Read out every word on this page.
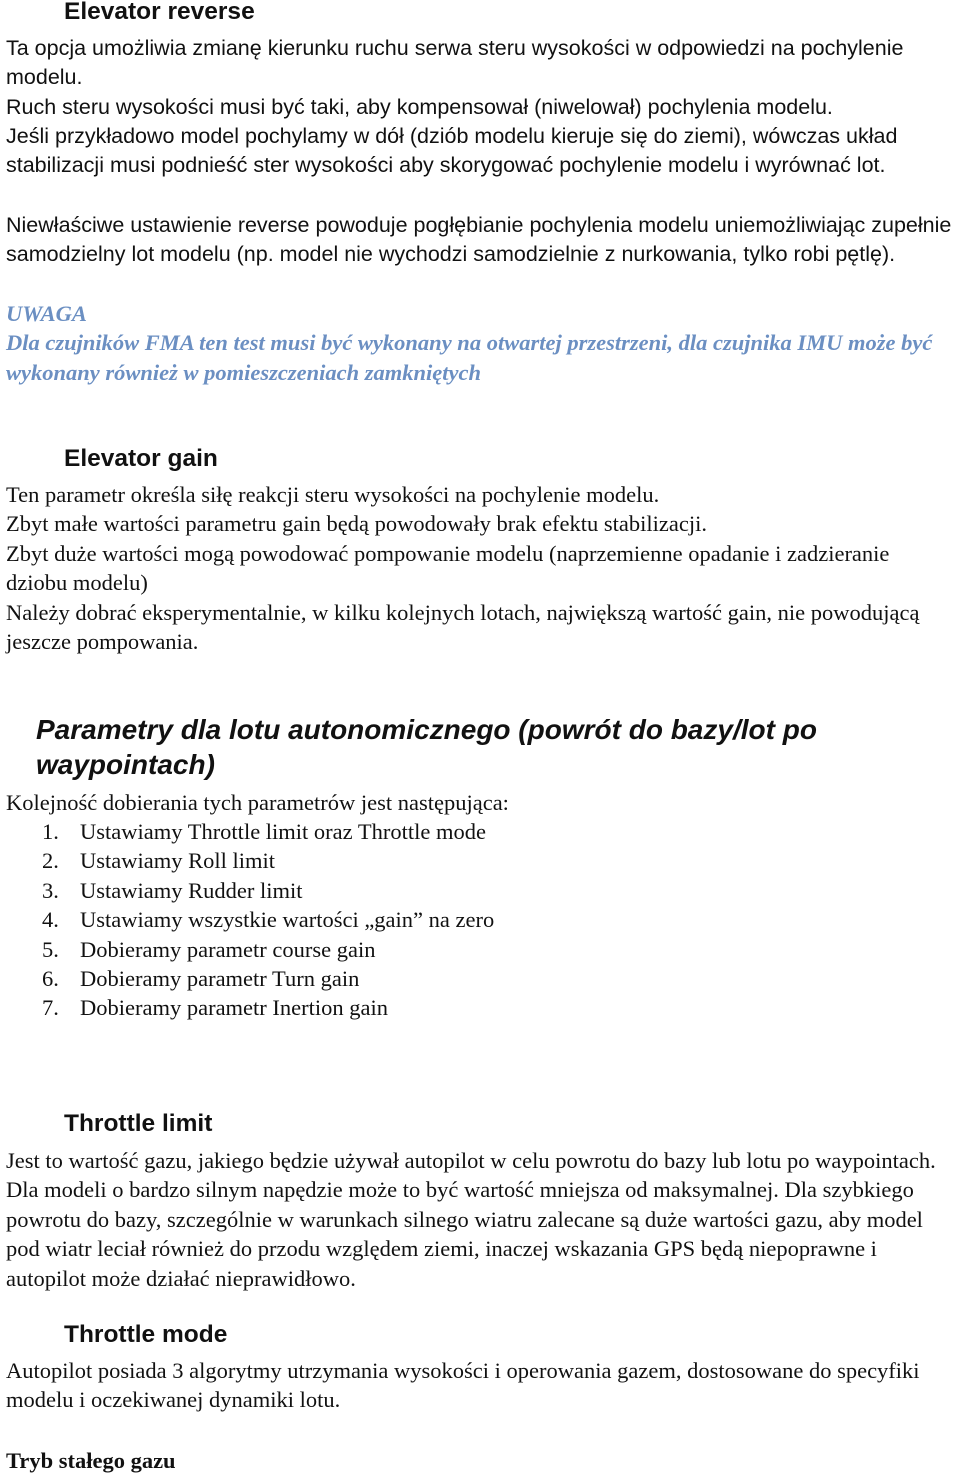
Elevator reverse

Ta opcja umożliwia zmianę kierunku ruchu serwa steru wysokości w odpowiedzi na pochylenie modelu.

Ruch steru wysokości musi być taki, aby kompensował (niwelował) pochylenia modelu.

Jeśli przykładowo model pochylamy w dół (dziób modelu kieruje się do ziemi), wówczas układ stabilizacji musi podnieść ster wysokości aby skorygować pochylenie modelu i wyrównać lot.

Niewłaściwe ustawienie reverse powoduje pogłębianie pochylenia modelu uniemożliwiając zupełnie samodzielny lot modelu (np. model nie wychodzi samodzielnie z nurkowania, tylko robi pętlę).

UWAGA
Dla czujników FMA ten test musi być wykonany na otwartej przestrzeni, dla czujnika IMU może być wykonany również w pomieszczeniach zamkniętych
Elevator gain

Ten parametr określa siłę reakcji steru wysokości na pochylenie modelu.

Zbyt małe wartości parametru gain będą powodowały brak efektu stabilizacji.

Zbyt duże wartości mogą powodować pompowanie modelu (naprzemienne opadanie i zadzieranie dziobu modelu)

Należy dobrać eksperymentalnie, w kilku kolejnych lotach, największą wartość gain, nie powodującą jeszcze pompowania.

Parametry dla lotu autonomicznego (powrót do bazy/lot po
waypointach)

Kolejność dobierania tych parametrów jest następująca:

1. Ustawiamy Throttle limit oraz Throttle mode
2. Ustawiamy Roll limit
3. Ustawiamy Rudder limit
4. Ustawiamy wszystkie wartości „gain” na zero
5. Dobieramy parametr course gain
6. Dobieramy parametr Turn gain
7. Dobieramy parametr Inertion gain
Throttle limit

Jest to wartość gazu, jakiego będzie używał autopilot w celu powrotu do bazy lub lotu po waypointach. Dla modeli o bardzo silnym napędzie może to być wartość mniejsza od maksymalnej. Dla szybkiego powrotu do bazy, szczególnie w warunkach silnego wiatru zalecane są duże wartości gazu, aby model pod wiatr leciał również do przodu względem ziemi, inaczej wskazania GPS będą niepoprawne i autopilot może działać nieprawidłowo.

Throttle mode

Autopilot posiada 3 algorytmy utrzymania wysokości i operowania gazem, dostosowane do specyfiki modelu i oczekiwanej dynamiki lotu.

Tryb stałego gazu
